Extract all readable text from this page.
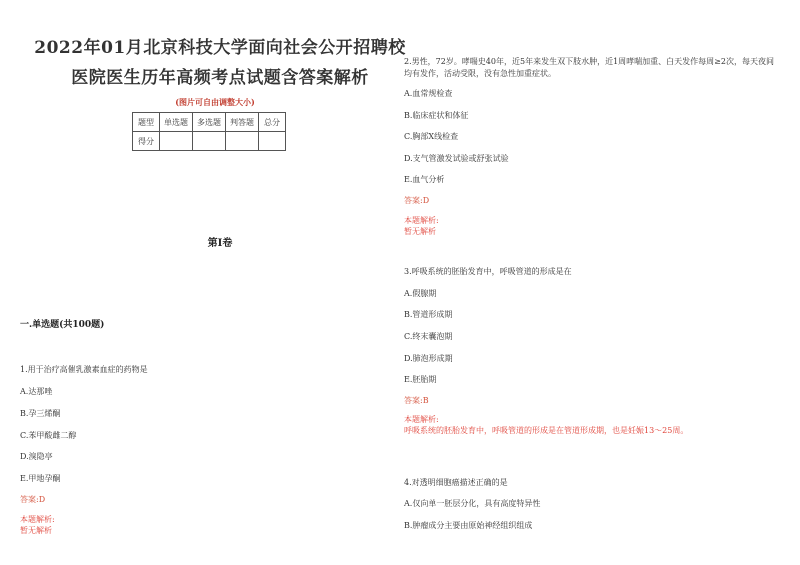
2022年01月北京科技大学面向社会公开招聘校
医院医生历年高频考点试题含答案解析
(图片可自由调整大小)
题型	单选题	多选题	判答题	总分
得分				
第I卷
一.单选题(共100题)
1.用于治疗高催乳激素血症的药物是
A.达那唑
B.孕三烯酮
C.苯甲酸雌二醇
D.溴隐亭
E.甲地孕酮
答案:D
本题解析:
暂无解析
2.男性，72岁。哮喘史40年，近5年来发生双下肢水肿，近1周哮喘加重、白天发作每周≥2次，每天夜间均有发作，活动受限，没有急性加重症状。
A.血常规检查
B.临床症状和体征
C.胸部X线检查
D.支气管激发试验或舒张试验
E.血气分析
答案:D
本题解析:
暂无解析
3.呼吸系统的胚胎发育中，呼吸管道的形成是在
A.假腺期
B.管道形成期
C.终末囊泡期
D.肺泡形成期
E.胚胎期
答案:B
本题解析:
呼吸系统的胚胎发育中，呼吸管道的形成是在管道形成期，也是妊娠13～25周。
4.对透明细胞癌描述正确的是
A.仅向单一胚层分化，具有高度特异性
B.肿瘤成分主要由原始神经组织组成
